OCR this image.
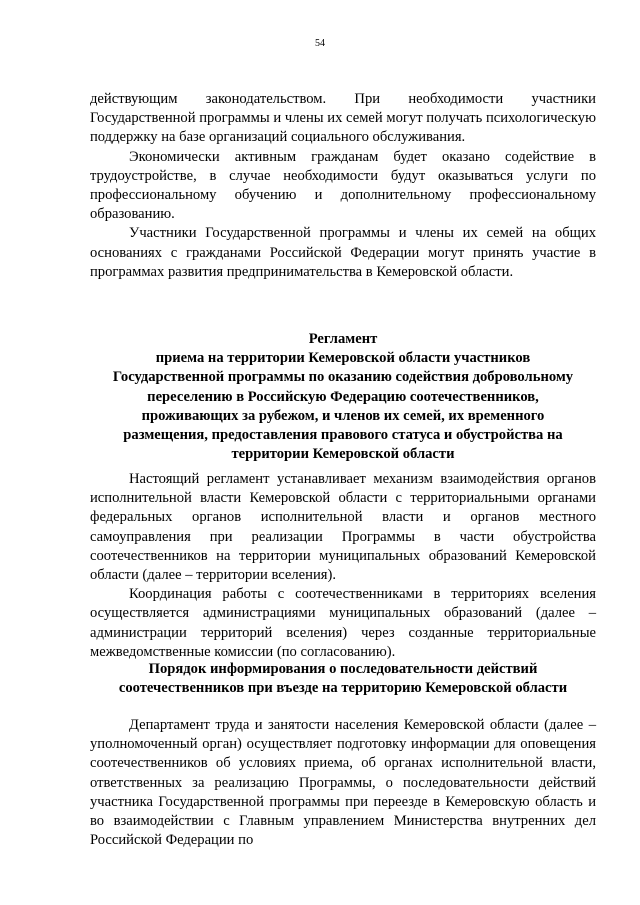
54

действующим законодательством. При необходимости участники Государственной программы и члены их семей могут получать психологическую поддержку на базе организаций социального обслуживания.

Экономически активным гражданам будет оказано содействие в трудоустройстве, в случае необходимости будут оказываться услуги по профессиональному обучению и дополнительному профессиональному образованию.

Участники Государственной программы и члены их семей на общих основаниях с гражданами Российской Федерации могут принять участие в программах развития предпринимательства в Кемеровской области.

Регламент
приема на территории Кемеровской области участников
Государственной программы по оказанию содействия добровольному
переселению в Российскую Федерацию соотечественников,
проживающих за рубежом, и членов их семей, их временного
размещения, предоставления правового статуса и обустройства на
территории Кемеровской области

Настоящий регламент устанавливает механизм взаимодействия органов исполнительной власти Кемеровской области с территориальными органами федеральных органов исполнительной власти и органов местного самоуправления при реализации Программы в части обустройства соотечественников на территории муниципальных образований Кемеровской области (далее – территории вселения).

Координация работы с соотечественниками в территориях вселения осуществляется администрациями муниципальных образований (далее – администрации территорий вселения) через созданные территориальные межведомственные комиссии (по согласованию).

Порядок информирования о последовательности действий
соотечественников при въезде на территорию Кемеровской области

Департамент труда и занятости населения Кемеровской области (далее – уполномоченный орган) осуществляет подготовку информации для оповещения соотечественников об условиях приема, об органах исполнительной власти, ответственных за реализацию Программы, о последовательности действий участника Государственной программы при переезде в Кемеровскую область и во взаимодействии с Главным управлением Министерства внутренних дел Российской Федерации по
